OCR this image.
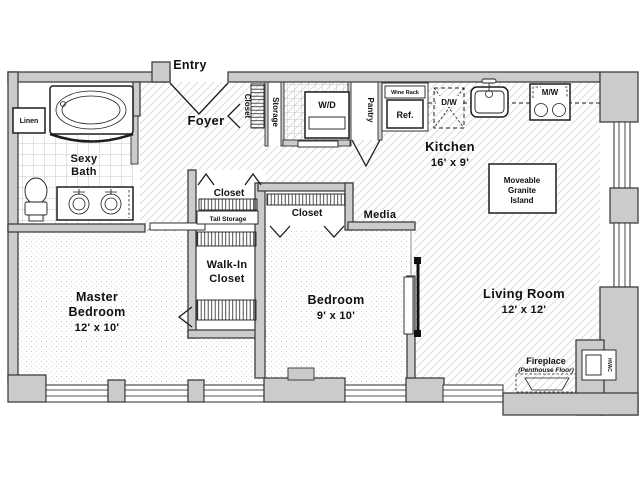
Entry
Foyer
Sexy
Bath
Linen
Closet Storage	W/D	Pantry
Wine Rack
Ref.
D/W
M/W
Kitchen
16' x 9'
Moveable
Granite
Island
Closet
Tall Storage
Walk-In
Closet
Closet	Media
Master
Bedroom
12' x 10'
Bedroom
9' x 10'
Living Room
12' x 12'
Fireplace
(Penthouse Floor)	HVAC
